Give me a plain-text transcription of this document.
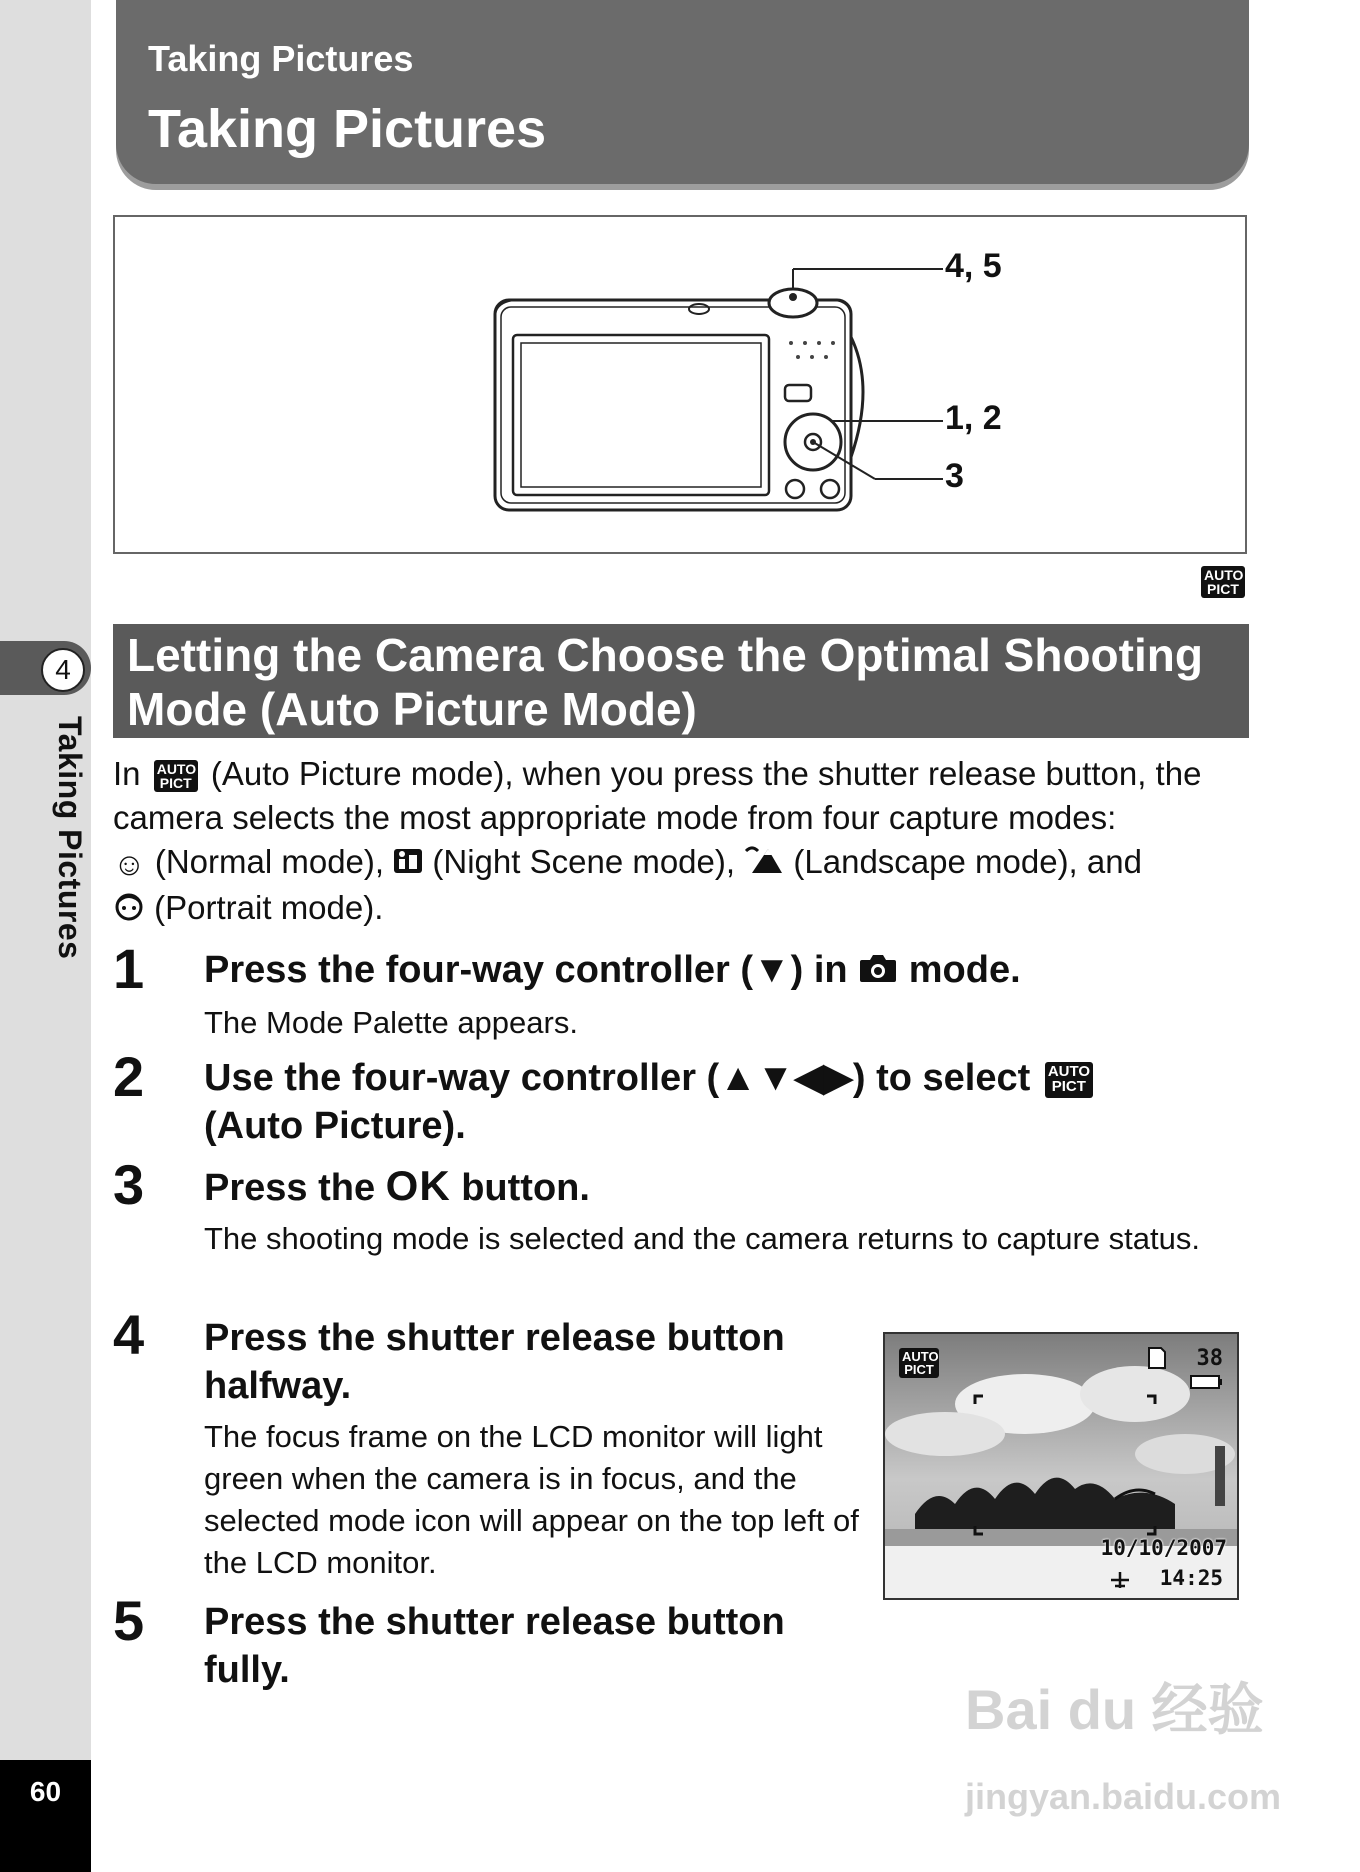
4
Taking Pictures
60
Taking Pictures
Taking Pictures
4, 5
1, 2
3
AUTO
PICT
Letting the Camera Choose the Optimal Shooting Mode (Auto Picture Mode)
In AUTO
PICT (Auto Picture mode), when you press the shutter release button, the camera selects the most appropriate mode from four capture modes:
☺ (Normal mode), (Night Scene mode), (Landscape mode), and
(Portrait mode).
1 Press the four-way controller (▼) in mode.
The Mode Palette appears.
2 Use the four-way controller (▲▼◀▶) to select AUTO
PICT

(Auto Picture).
3 Press the OK button.
The shooting mode is selected and the camera returns to capture status.
4 Press the shutter release button halfway.
The focus frame on the LCD monitor will light green when the camera is in focus, and the selected mode icon will appear on the top left of the LCD monitor.
AUTO
PICT	38
10/10/2007
14:25
5 Press the shutter release button fully.
Bai du 经验
jingyan.baidu.com
